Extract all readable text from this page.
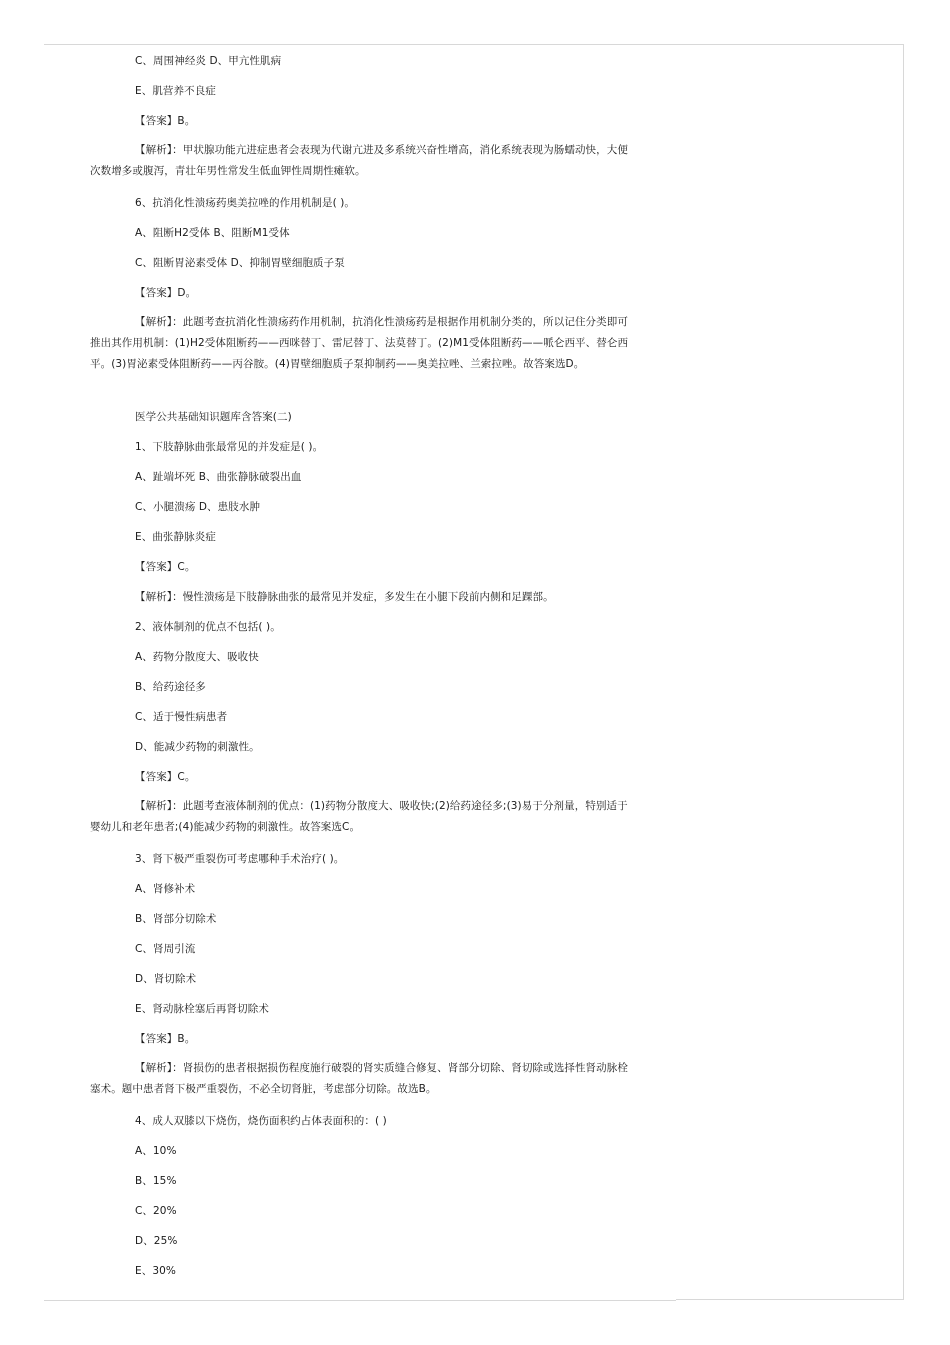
C、周围神经炎 D、甲亢性肌病
E、肌营养不良症
【答案】B。
【解析】：甲状腺功能亢进症患者会表现为代谢亢进及多系统兴奋性增高，消化系统表现为肠蠕动快，大便次数增多或腹泻，青壮年男性常发生低血钾性周期性瘫软。
6、抗消化性溃疡药奥美拉唑的作用机制是( )。
A、阻断H2受体 B、阻断M1受体
C、阻断胃泌素受体 D、抑制胃壁细胞质子泵
【答案】D。
【解析】：此题考查抗消化性溃疡药作用机制，抗消化性溃疡药是根据作用机制分类的，所以记住分类即可推出其作用机制：(1)H2受体阻断药——西咪替丁、雷尼替丁、法莫替丁。(2)M1受体阻断药——哌仑西平、替仑西平。(3)胃泌素受体阻断药——丙谷胺。(4)胃壁细胞质子泵抑制药——奥美拉唑、兰索拉唑。故答案选D。
医学公共基础知识题库含答案(二)
1、下肢静脉曲张最常见的并发症是( )。
A、趾端坏死 B、曲张静脉破裂出血
C、小腿溃疡 D、患肢水肿
E、曲张静脉炎症
【答案】C。
【解析】：慢性溃疡是下肢静脉曲张的最常见并发症，多发生在小腿下段前内侧和足踝部。
2、液体制剂的优点不包括( )。
A、药物分散度大、吸收快
B、给药途径多
C、适于慢性病患者
D、能减少药物的刺激性。
【答案】C。
【解析】：此题考查液体制剂的优点：(1)药物分散度大、吸收快;(2)给药途径多;(3)易于分剂量，特别适于婴幼儿和老年患者;(4)能减少药物的刺激性。故答案选C。
3、肾下极严重裂伤可考虑哪种手术治疗( )。
A、肾修补术
B、肾部分切除术
C、肾周引流
D、肾切除术
E、肾动脉栓塞后再肾切除术
【答案】B。
【解析】：肾损伤的患者根据损伤程度施行破裂的肾实质缝合修复、肾部分切除、肾切除或选择性肾动脉栓塞术。题中患者肾下极严重裂伤，不必全切肾脏，考虑部分切除。故选B。
4、成人双膝以下烧伤，烧伤面积约占体表面积的：( )
A、10%
B、15%
C、20%
D、25%
E、30%
